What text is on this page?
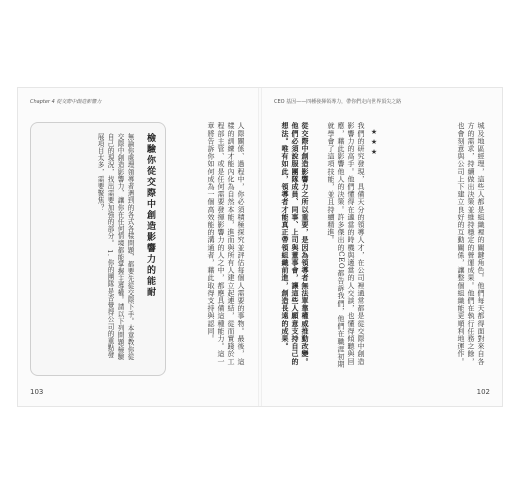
Chapter 4 從交際中創造影響力
檢驗你從交際中創造影響力的能耐
無論你處理領導者遇到的各式各樣問題，都要先從交際下手。本章教你從交際中創造影響力，讓你在任何情境都能掌握主導權。請以下列問題檢驗自己的現況，找出需要加強的部分。 1. 你的團隊是否覺得公司的重點發展項目太多，需要聚焦？	人際關係、過程中，你必須積極探究並評估每個人需要的事物。最後，這樣的訓練才能內化為自然本能，進而與所有人建立起連結，從而實踐於工程部主管、或是任何需要發揮影響力的人之中，都應具備這種能力。這一章將告訴你如何成為一個高效能的溝通者，藉此取得支持與認同。
103
CEO 基因——四種發揮領導力，帶你們走向世界頂尖之路
城及地區經理，這些人都是組織裡的關鍵角色。他們每天都得面對來自各方的需求，持續做出決策並維持穩定的營運成果。他們在執行任務之餘，也會刻意與公司上下建立良好的互動關係，讓整個組織能更順利地運作。
★★★
我們的研究發現，具備天分的領導人才，在公司裡通常都是從交際中創造影響力的高手。他們懂得在適當的時機與適當的人交談，也懂得傾聽與回應，藉此影響他人的決策。許多傑出的CEO都告訴我們，他們在職涯初期就學會了這項技能，並且持續精進。
從交際中創造影響力之所以重要，是因為領導者無法單靠權威推動改變。他們必須說服團隊成員、同事、上司與董事會，讓這些人願意支持自己的想法。唯有如此，領導者才能真正帶領組織前進，創造長遠的成果。
102
